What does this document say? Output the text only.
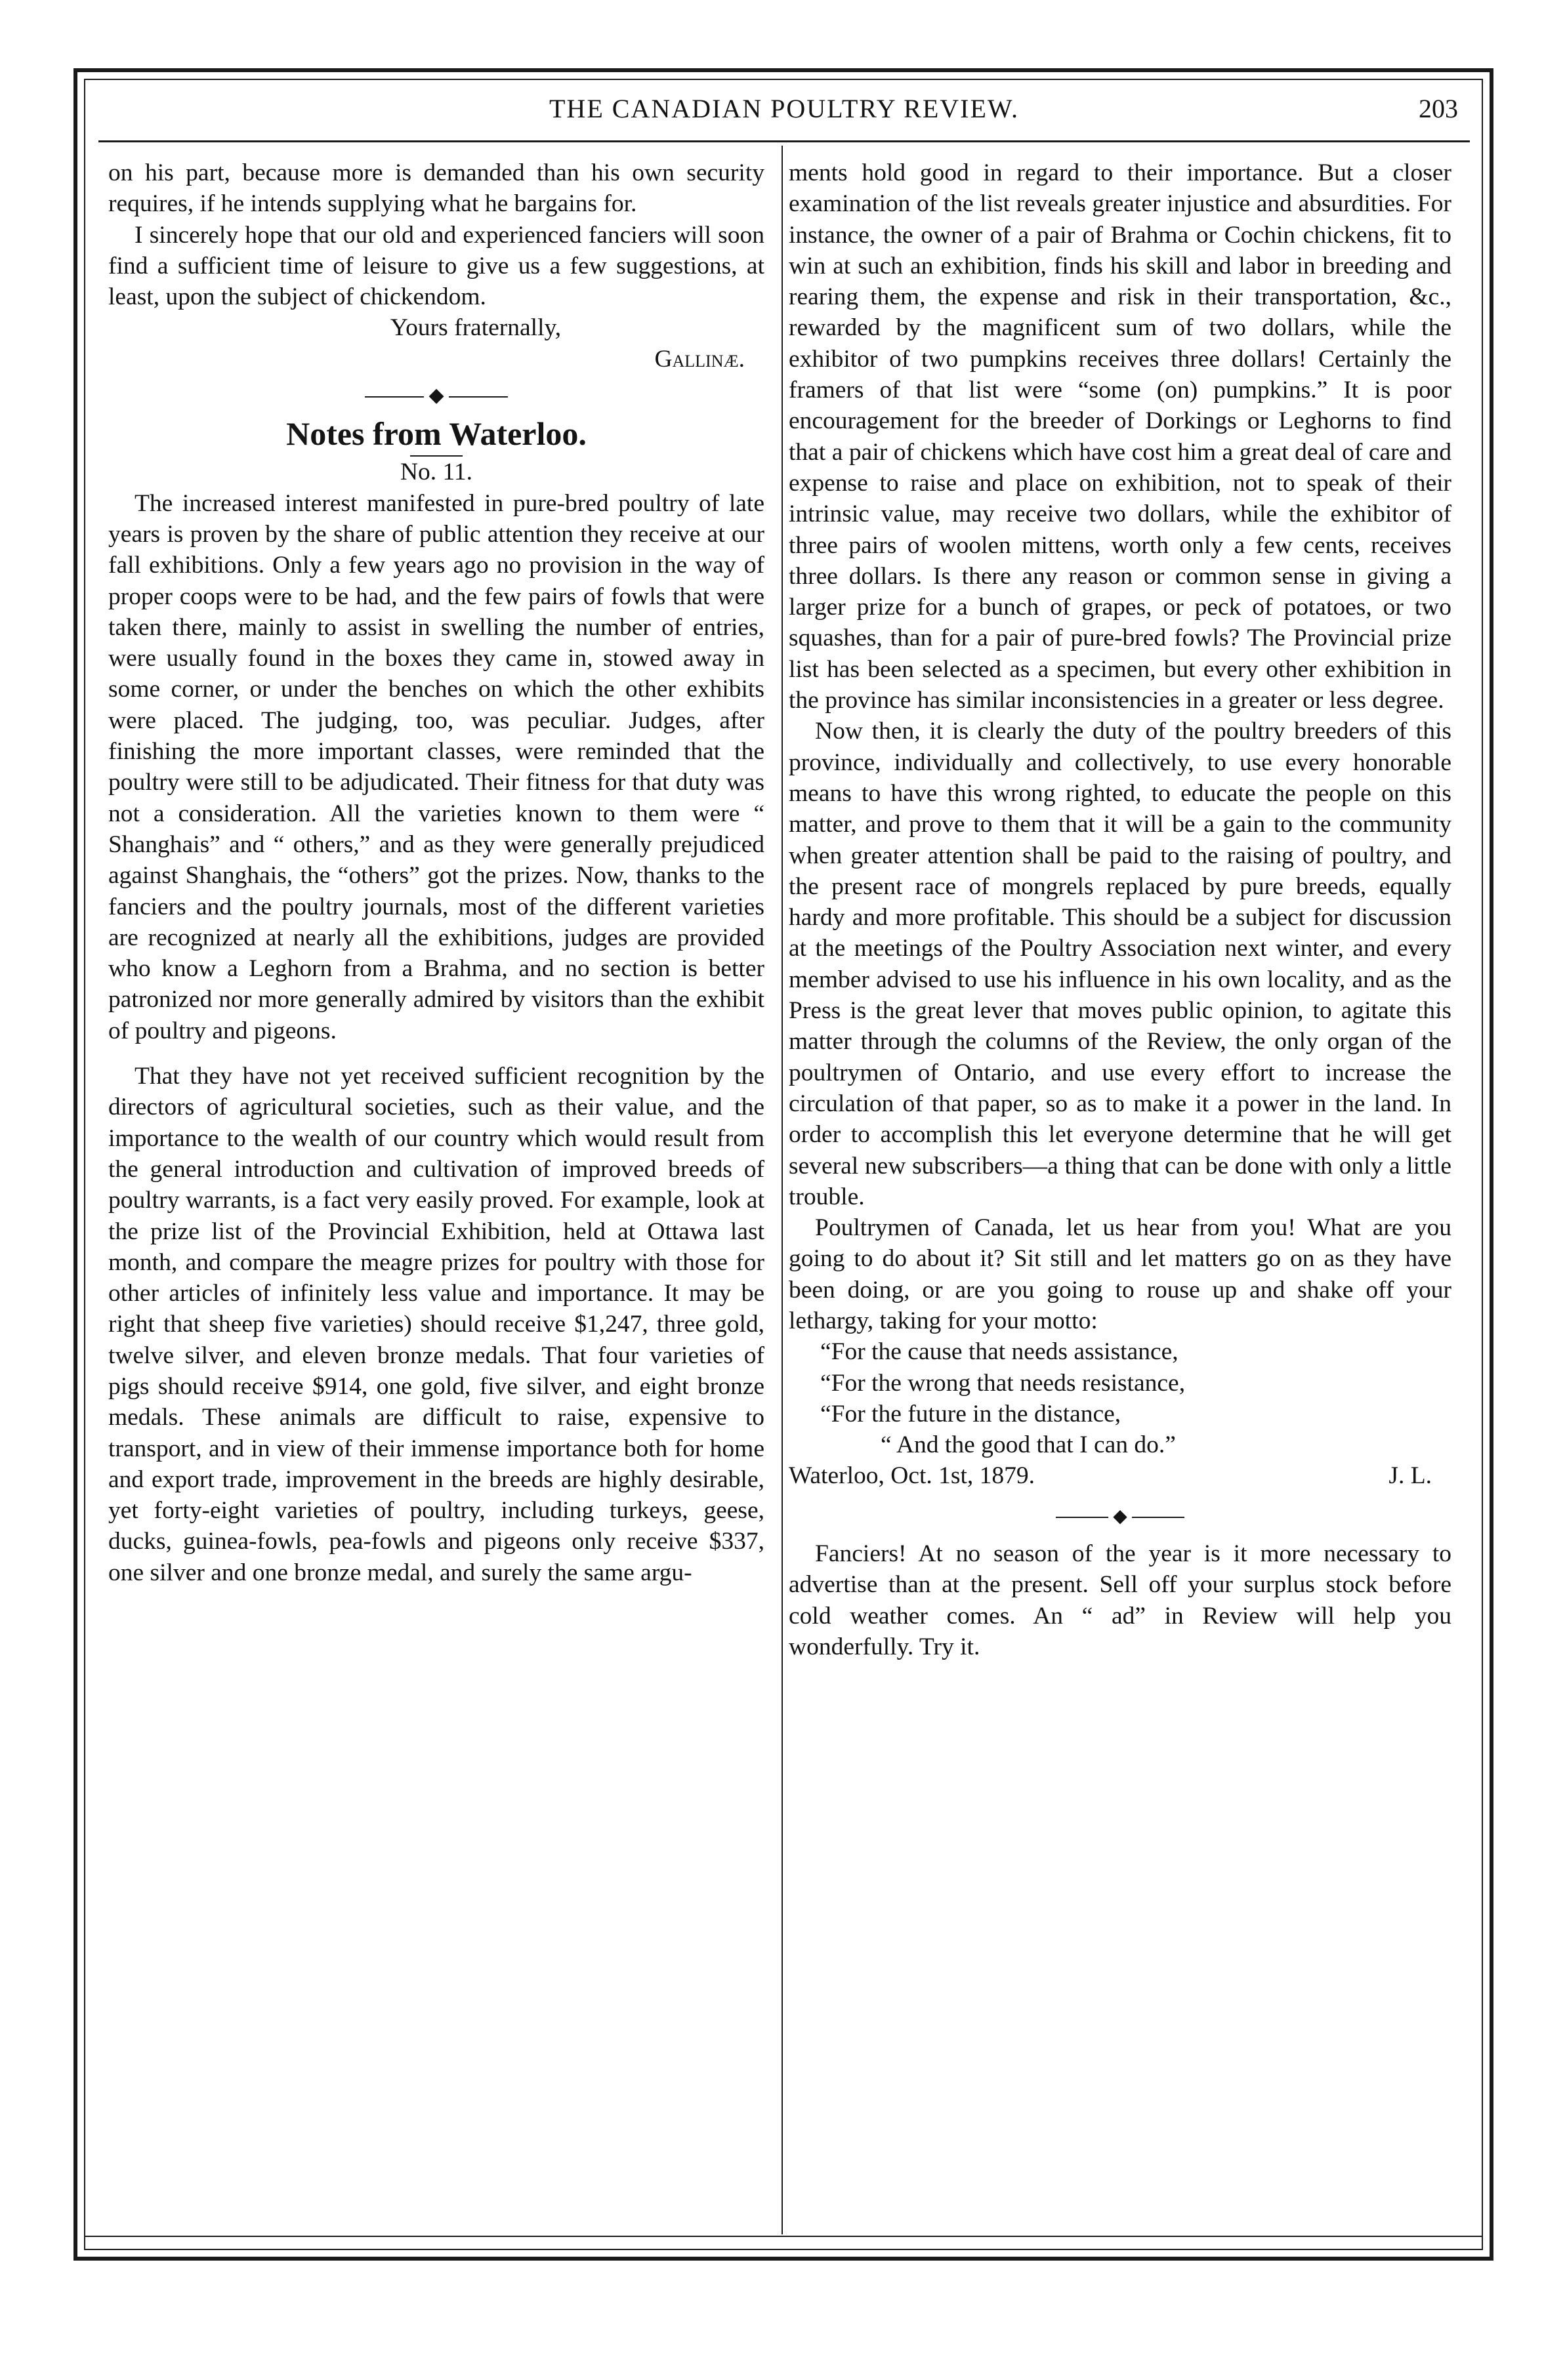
THE CANADIAN POULTRY REVIEW.	203

on his part, because more is demanded than his own security requires, if he intends supplying what he bargains for.

I sincerely hope that our old and experienced fanciers will soon find a sufficient time of leisure to give us a few suggestions, at least, upon the subject of chickendom.

Yours fraternally,

Gallinæ.

◆
Notes from Waterloo.

No. 11.

The increased interest manifested in pure-bred poultry of late years is proven by the share of public attention they receive at our fall exhibitions. Only a few years ago no provision in the way of proper coops were to be had, and the few pairs of fowls that were taken there, mainly to assist in swelling the number of entries, were usually found in the boxes they came in, stowed away in some corner, or under the benches on which the other exhibits were placed. The judging, too, was peculiar. Judges, after finishing the more important classes, were reminded that the poultry were still to be adjudicated. Their fitness for that duty was not a consideration. All the varieties known to them were “ Shanghais” and “ others,” and as they were generally prejudiced against Shanghais, the “others” got the prizes. Now, thanks to the fanciers and the poultry journals, most of the different varieties are recognized at nearly all the exhibitions, judges are provided who know a Leghorn from a Brahma, and no section is better patronized nor more generally admired by visitors than the exhibit of poultry and pigeons.

That they have not yet received sufficient recognition by the directors of agricultural societies, such as their value, and the importance to the wealth of our country which would result from the general introduction and cultivation of improved breeds of poultry warrants, is a fact very easily proved. For example, look at the prize list of the Provincial Exhibition, held at Ottawa last month, and compare the meagre prizes for poultry with those for other articles of infinitely less value and importance. It may be right that sheep five varieties) should receive $1,247, three gold, twelve silver, and eleven bronze medals. That four varieties of pigs should receive $914, one gold, five silver, and eight bronze medals. These animals are difficult to raise, expensive to transport, and in view of their immense importance both for home and export trade, improvement in the breeds are highly desirable, yet forty-eight varieties of poultry, including turkeys, geese, ducks, guinea-fowls, pea-fowls and pigeons only receive $337, one silver and one bronze medal, and surely the same argu-

ments hold good in regard to their importance. But a closer examination of the list reveals greater injustice and absurdities. For instance, the owner of a pair of Brahma or Cochin chickens, fit to win at such an exhibition, finds his skill and labor in breeding and rearing them, the expense and risk in their transportation, &c., rewarded by the magnificent sum of two dollars, while the exhibitor of two pumpkins receives three dollars! Certainly the framers of that list were “some (on) pumpkins.” It is poor encouragement for the breeder of Dorkings or Leghorns to find that a pair of chickens which have cost him a great deal of care and expense to raise and place on exhibition, not to speak of their intrinsic value, may receive two dollars, while the exhibitor of three pairs of woolen mittens, worth only a few cents, receives three dollars. Is there any reason or common sense in giving a larger prize for a bunch of grapes, or peck of potatoes, or two squashes, than for a pair of pure-bred fowls? The Provincial prize list has been selected as a specimen, but every other exhibition in the province has similar inconsistencies in a greater or less degree.

Now then, it is clearly the duty of the poultry breeders of this province, individually and collectively, to use every honorable means to have this wrong righted, to educate the people on this matter, and prove to them that it will be a gain to the community when greater attention shall be paid to the raising of poultry, and the present race of mongrels replaced by pure breeds, equally hardy and more profitable. This should be a subject for discussion at the meetings of the Poultry Association next winter, and every member advised to use his influence in his own locality, and as the Press is the great lever that moves public opinion, to agitate this matter through the columns of the Review, the only organ of the poultrymen of Ontario, and use every effort to increase the circulation of that paper, so as to make it a power in the land. In order to accomplish this let everyone determine that he will get several new subscribers—a thing that can be done with only a little trouble.

Poultrymen of Canada, let us hear from you! What are you going to do about it? Sit still and let matters go on as they have been doing, or are you going to rouse up and shake off your lethargy, taking for your motto:

“For the cause that needs assistance,

“For the wrong that needs resistance,

“For the future in the distance,

“ And the good that I can do.”

Waterloo, Oct. 1st, 1879.	J. L.

◆

Fanciers! At no season of the year is it more necessary to advertise than at the present. Sell off your surplus stock before cold weather comes. An “ ad” in Review will help you wonderfully. Try it.
